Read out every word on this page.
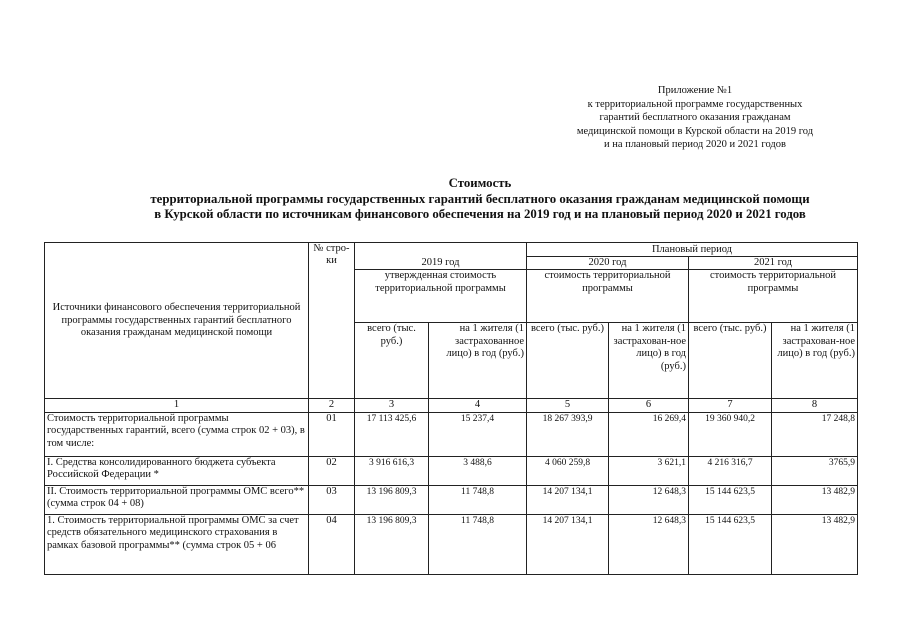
Приложение №1
к территориальной программе государственных
гарантий бесплатного оказания гражданам
медицинской помощи в Курской области на 2019 год
и на плановый период 2020 и 2021 годов
Стоимость
территориальной программы государственных гарантий бесплатного оказания гражданам медицинской помощи
в Курской области по источникам финансового обеспечения на 2019 год и на плановый период 2020 и 2021 годов
Источники финансового обеспечения территориальной программы государственных гарантий бесплатного оказания гражданам медицинской помощи	№ стро-ки	2019 год		Плановый период			
				2020 год		2021 год	
		утвержденная стоимость территориальной программы		стоимость территориальной программы		стоимость территориальной программы	
		всего (тыс. руб.)	на 1 жителя (1 застрахованное лицо) в год (руб.)	всего (тыс. руб.)	на 1 жителя (1 застрахован-ное лицо) в год (руб.)	всего (тыс. руб.)	на 1 жителя (1 застрахован-ное лицо) в год (руб.)
1	2	3	4	5	6	7	8
Стоимость территориальной программы государственных гарантий, всего (сумма строк 02 + 03), в том числе:	01	17 113 425,6	15 237,4	18 267 393,9	16 269,4	19 360 940,2	17 248,8
I. Средства консолидированного бюджета субъекта Российской Федерации *	02	3 916 616,3	3 488,6	4 060 259,8	3 621,1	4 216 316,7	3765,9
II. Стоимость территориальной программы ОМС всего** (сумма строк 04 + 08)	03	13 196 809,3	11 748,8	14 207 134,1	12 648,3	15 144 623,5	13 482,9
1. Стоимость территориальной программы ОМС за счет средств обязательного медицинского страхования в рамках базовой программы** (сумма строк 05 + 06	04	13 196 809,3	11 748,8	14 207 134,1	12 648,3	15 144 623,5	13 482,9
